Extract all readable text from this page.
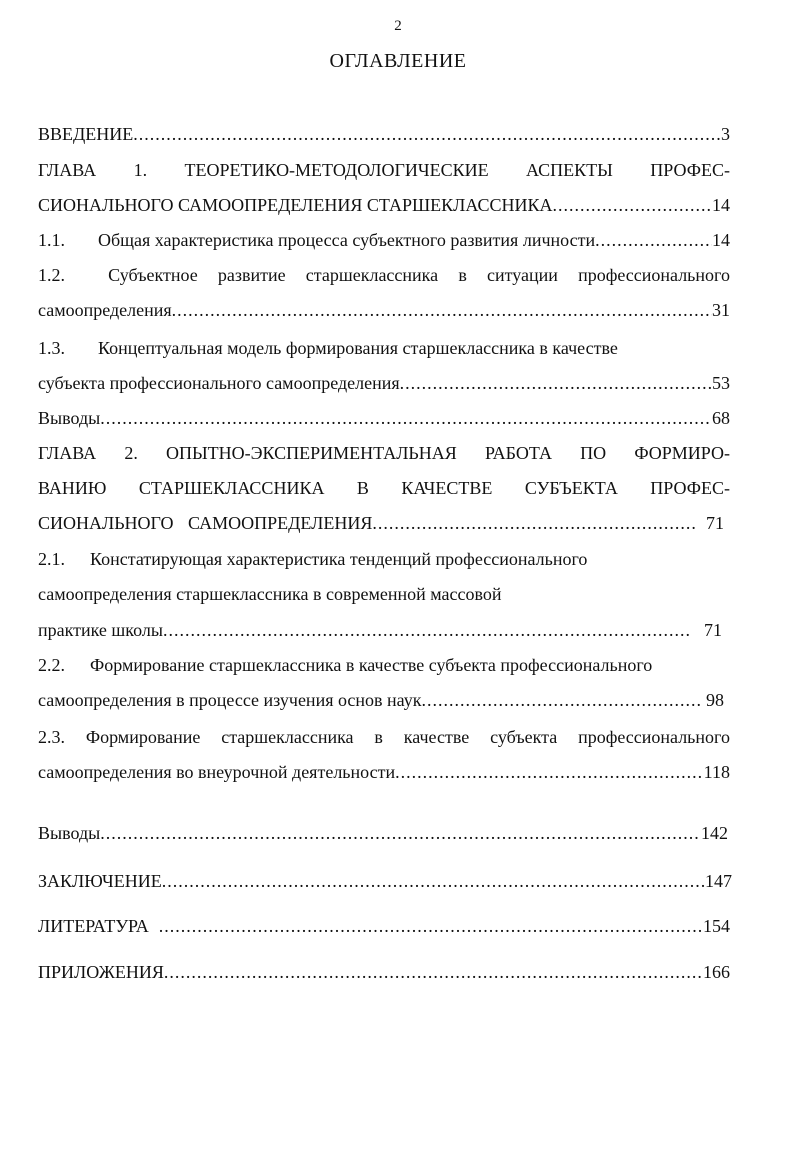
2
ОГЛАВЛЕНИЕ
ВВЕДЕНИЕ .....	3
ГЛАВА 1. ТЕОРЕТИКО-МЕТОДОЛОГИЧЕСКИЕ АСПЕКТЫ ПРОФЕС-
СИОНАЛЬНОГО САМООПРЕДЕЛЕНИЯ СТАРШЕКЛАССНИКА .....	14
1.1. Общая характеристика процесса субъектного развития личности .....	14
1.2.	Субъектное развитие старшеклассника в ситуации профессионального
самоопределения .....	31
1.3. Концептуальная модель формирования старшеклассника в качестве
субъекта профессионального самоопределения .....	53
Выводы .....	68
ГЛАВА 2. ОПЫТНО-ЭКСПЕРИМЕНТАЛЬНАЯ РАБОТА ПО ФОРМИРО-
ВАНИЮ СТАРШЕКЛАССНИКА В КАЧЕСТВЕ СУБЪЕКТА ПРОФЕС-
СИОНАЛЬНОГО САМООПРЕДЕЛЕНИЯ .....	71
2.1. Констатирующая характеристика тенденций профессионального
самоопределения старшеклассника в современной массовой
практике школы .....	71
2.2. Формирование старшеклассника в качестве субъекта профессионального
самоопределения в процессе изучения основ наук .....	98
2.3. Формирование старшеклассника в качестве субъекта профессионального
самоопределения во внеурочной деятельности .....	118
Выводы .....	142
ЗАКЛЮЧЕНИЕ .....	147
ЛИТЕРАТУРА .....	154
ПРИЛОЖЕНИЯ .....	166
